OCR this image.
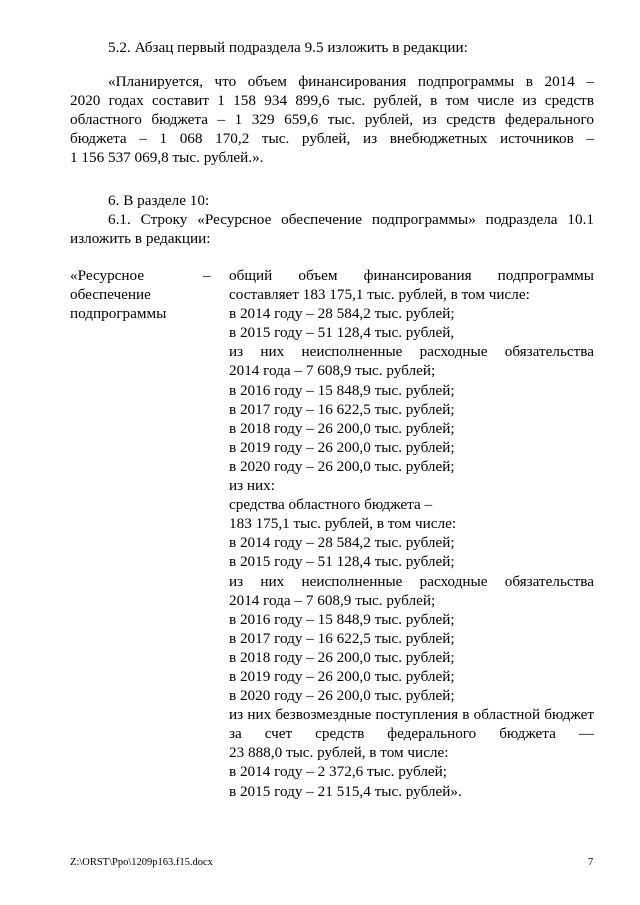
5.2. Абзац первый подраздела 9.5 изложить в редакции:
«Планируется, что объем финансирования подпрограммы в 2014 –
2020 годах составит 1 158 934 899,6 тыс. рублей, в том числе из средств
областного бюджета – 1 329 659,6 тыс. рублей, из средств федерального
бюджета – 1 068 170,2 тыс. рублей, из внебюджетных источников –
1 156 537 069,8 тыс. рублей.».
6. В разделе 10:
6.1. Строку «Ресурсное обеспечение подпрограммы» подраздела 10.1
изложить в редакции:
«Ресурсное
обеспечение
подпрограммы
– общий объем финансирования подпрограммы
составляет 183 175,1 тыс. рублей, в том числе:
в 2014 году – 28 584,2 тыс. рублей;
в 2015 году – 51 128,4 тыс. рублей,
из них неисполненные расходные обязательства
2014 года – 7 608,9 тыс. рублей;
в 2016 году – 15 848,9 тыс. рублей;
в 2017 году – 16 622,5 тыс. рублей;
в 2018 году – 26 200,0 тыс. рублей;
в 2019 году – 26 200,0 тыс. рублей;
в 2020 году – 26 200,0 тыс. рублей;
из них:
средства областного бюджета –
183 175,1 тыс. рублей, в том числе:
в 2014 году – 28 584,2 тыс. рублей;
в 2015 году – 51 128,4 тыс. рублей;
из них неисполненные расходные обязательства
2014 года – 7 608,9 тыс. рублей;
в 2016 году – 15 848,9 тыс. рублей;
в 2017 году – 16 622,5 тыс. рублей;
в 2018 году – 26 200,0 тыс. рублей;
в 2019 году – 26 200,0 тыс. рублей;
в 2020 году – 26 200,0 тыс. рублей;
из них безвозмездные поступления в областной бюджет
за счет средств федерального бюджета —
23 888,0 тыс. рублей, в том числе:
в 2014 году – 2 372,6 тыс. рублей;
в 2015 году – 21 515,4 тыс. рублей».
Z:\ORST\Ppo\1209p163.f15.docx	7
